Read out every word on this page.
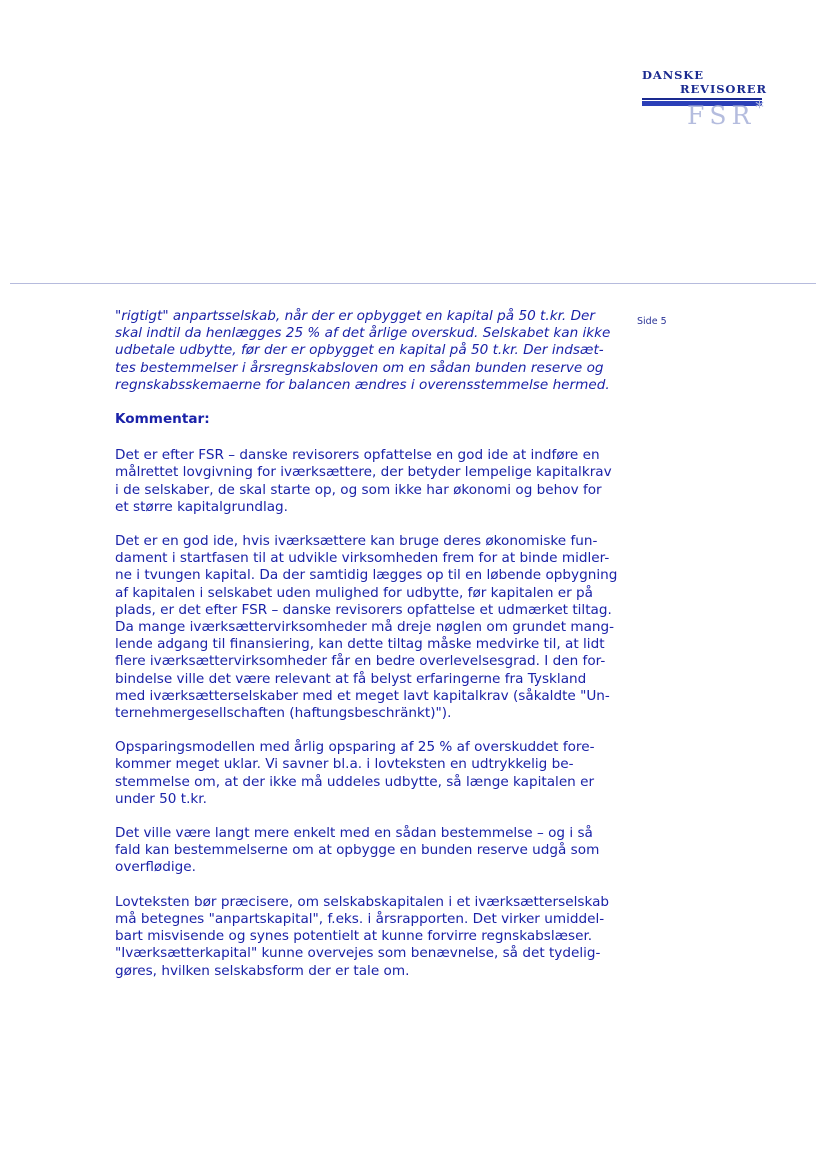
DANSKE
REVISORER
FSR*
Side 5

"rigtigt" anpartsselskab, når der er opbygget en kapital på 50 t.kr. Der
skal indtil da henlægges 25 % af det årlige overskud. Selskabet kan ikke
udbetale udbytte, før der er opbygget en kapital på 50 t.kr. Der indsæt-
tes bestemmelser i årsregnskabsloven om en sådan bunden reserve og
regnskabsskemaerne for balancen ændres i overensstemmelse hermed.

Kommentar:

Det er efter FSR – danske revisorers opfattelse en god ide at indføre en
målrettet lovgivning for iværksættere, der betyder lempelige kapitalkrav
i de selskaber, de skal starte op, og som ikke har økonomi og behov for
et større kapitalgrundlag.

Det er en god ide, hvis iværksættere kan bruge deres økonomiske fun-
dament i startfasen til at udvikle virksomheden frem for at binde midler-
ne i tvungen kapital. Da der samtidig lægges op til en løbende opbygning
af kapitalen i selskabet uden mulighed for udbytte, før kapitalen er på
plads, er det efter FSR – danske revisorers opfattelse et udmærket tiltag.
Da mange iværksættervirksomheder må dreje nøglen om grundet mang-
lende adgang til finansiering, kan dette tiltag måske medvirke til, at lidt
flere iværksættervirksomheder får en bedre overlevelsesgrad. I den for-
bindelse ville det være relevant at få belyst erfaringerne fra Tyskland
med iværksætterselskaber med et meget lavt kapitalkrav (såkaldte "Un-
ternehmergesellschaften (haftungsbeschränkt)").

Opsparingsmodellen med årlig opsparing af 25 % af overskuddet fore-
kommer meget uklar. Vi savner bl.a. i lovteksten en udtrykkelig be-
stemmelse om, at der ikke må uddeles udbytte, så længe kapitalen er
under 50 t.kr.

Det ville være langt mere enkelt med en sådan bestemmelse – og i så
fald kan bestemmelserne om at opbygge en bunden reserve udgå som
overflødige.

Lovteksten bør præcisere, om selskabskapitalen i et iværksætterselskab
må betegnes "anpartskapital", f.eks. i årsrapporten. Det virker umiddel-
bart misvisende og synes potentielt at kunne forvirre regnskabslæser.
"Iværksætterkapital" kunne overvejes som benævnelse, så det tydelig-
gøres, hvilken selskabsform der er tale om.
